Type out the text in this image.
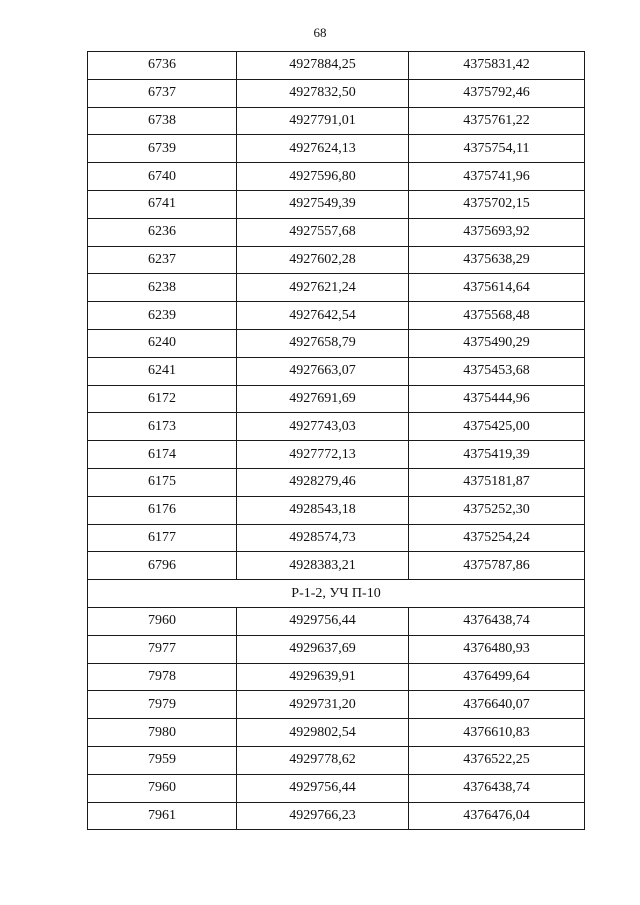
68
6736	4927884,25	4375831,42
6737	4927832,50	4375792,46
6738	4927791,01	4375761,22
6739	4927624,13	4375754,11
6740	4927596,80	4375741,96
6741	4927549,39	4375702,15
6236	4927557,68	4375693,92
6237	4927602,28	4375638,29
6238	4927621,24	4375614,64
6239	4927642,54	4375568,48
6240	4927658,79	4375490,29
6241	4927663,07	4375453,68
6172	4927691,69	4375444,96
6173	4927743,03	4375425,00
6174	4927772,13	4375419,39
6175	4928279,46	4375181,87
6176	4928543,18	4375252,30
6177	4928574,73	4375254,24
6796	4928383,21	4375787,86
Р-1-2, УЧ П-10		
7960	4929756,44	4376438,74
7977	4929637,69	4376480,93
7978	4929639,91	4376499,64
7979	4929731,20	4376640,07
7980	4929802,54	4376610,83
7959	4929778,62	4376522,25
7960	4929756,44	4376438,74
7961	4929766,23	4376476,04
